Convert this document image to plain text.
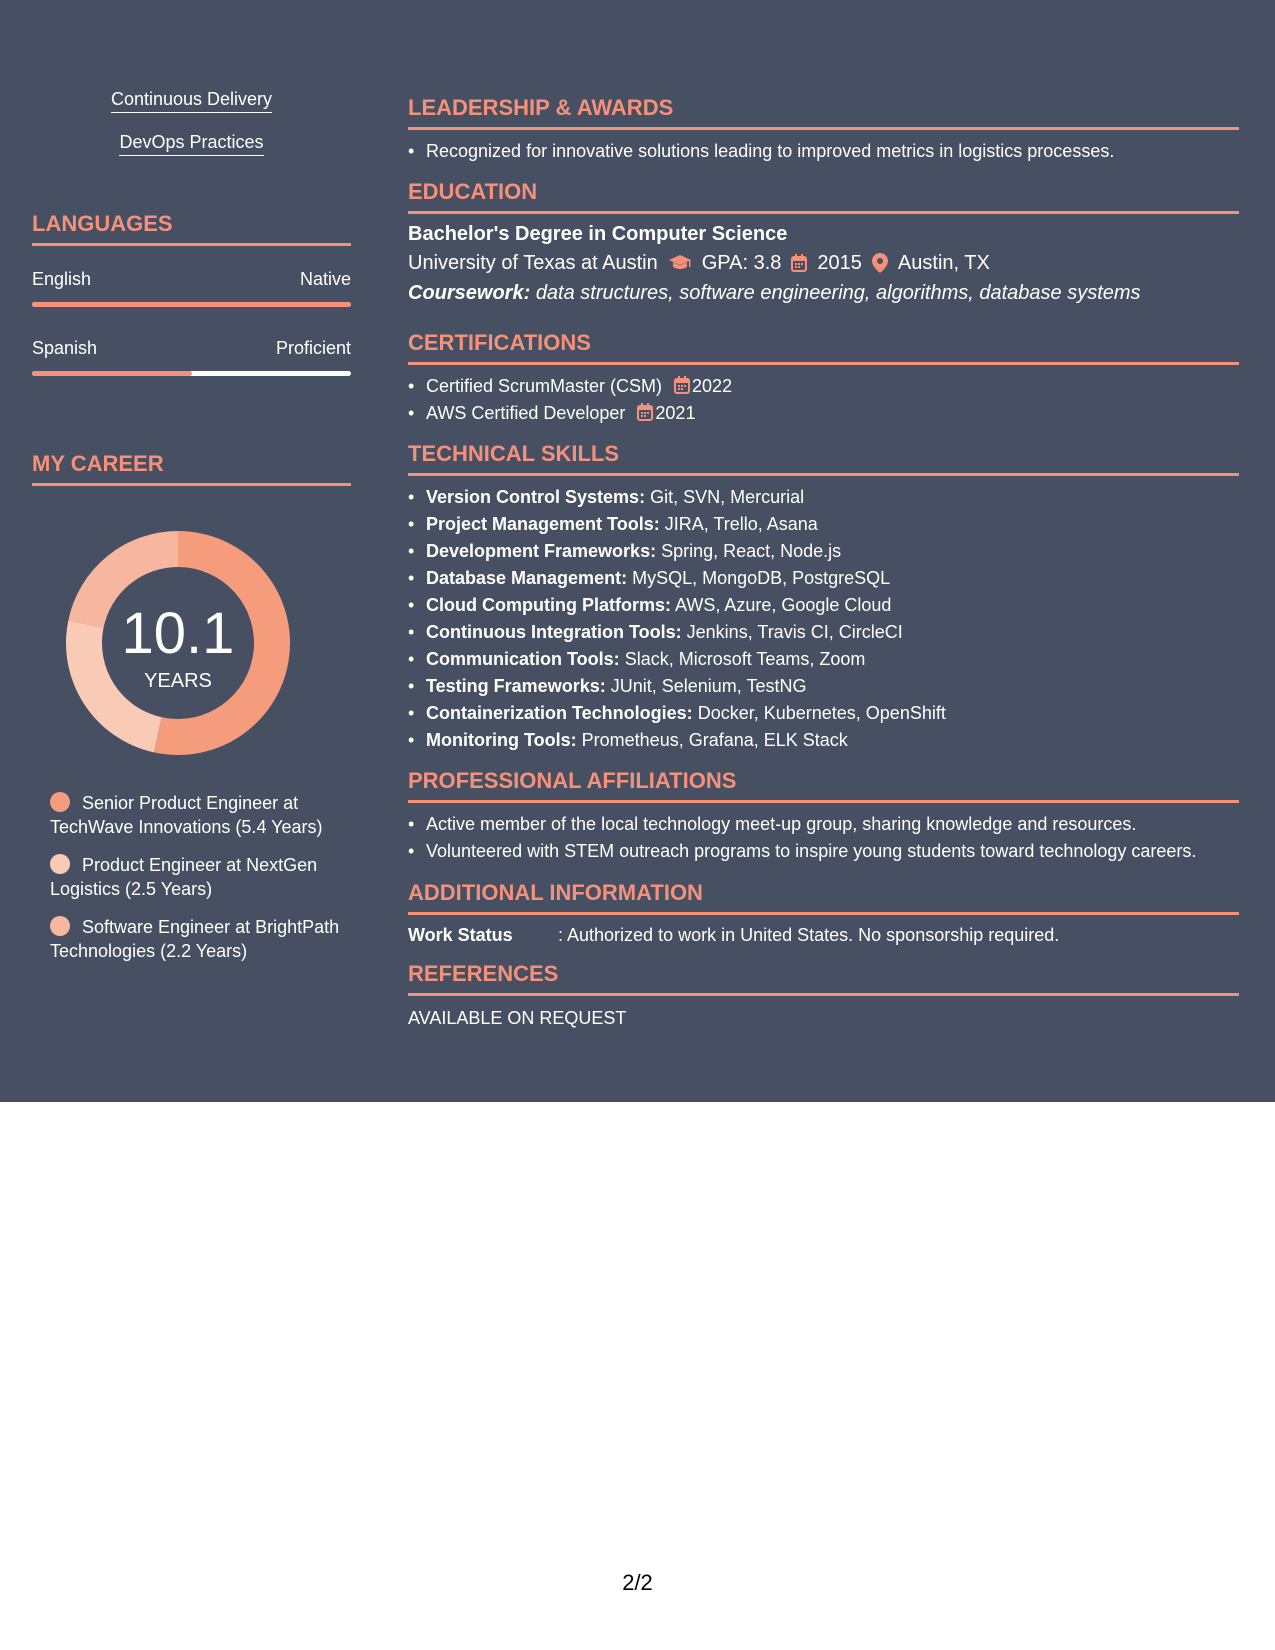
Continuous Delivery
DevOps Practices
LANGUAGES
English	Native
Spanish	Proficient
MY CAREER
10.1
YEARS
Senior Product Engineer at TechWave Innovations (5.4 Years)
Product Engineer at NextGen Logistics (2.5 Years)
Software Engineer at BrightPath Technologies (2.2 Years)
LEADERSHIP & AWARDS
• Recognized for innovative solutions leading to improved metrics in logistics processes.
EDUCATION
Bachelor's Degree in Computer Science
University of Texas at Austin GPA: 3.8 2015 Austin, TX
Coursework: data structures, software engineering, algorithms, database systems
CERTIFICATIONS
• Certified ScrumMaster (CSM) 2022
• AWS Certified Developer 2021
TECHNICAL SKILLS
• Version Control Systems: Git, SVN, Mercurial
• Project Management Tools: JIRA, Trello, Asana
• Development Frameworks: Spring, React, Node.js
• Database Management: MySQL, MongoDB, PostgreSQL
• Cloud Computing Platforms: AWS, Azure, Google Cloud
• Continuous Integration Tools: Jenkins, Travis CI, CircleCI
• Communication Tools: Slack, Microsoft Teams, Zoom
• Testing Frameworks: JUnit, Selenium, TestNG
• Containerization Technologies: Docker, Kubernetes, OpenShift
• Monitoring Tools: Prometheus, Grafana, ELK Stack
PROFESSIONAL AFFILIATIONS
• Active member of the local technology meet-up group, sharing knowledge and resources.
• Volunteered with STEM outreach programs to inspire young students toward technology careers.
ADDITIONAL INFORMATION
Work Status	: Authorized to work in United States. No sponsorship required.
REFERENCES
AVAILABLE ON REQUEST
2/2
